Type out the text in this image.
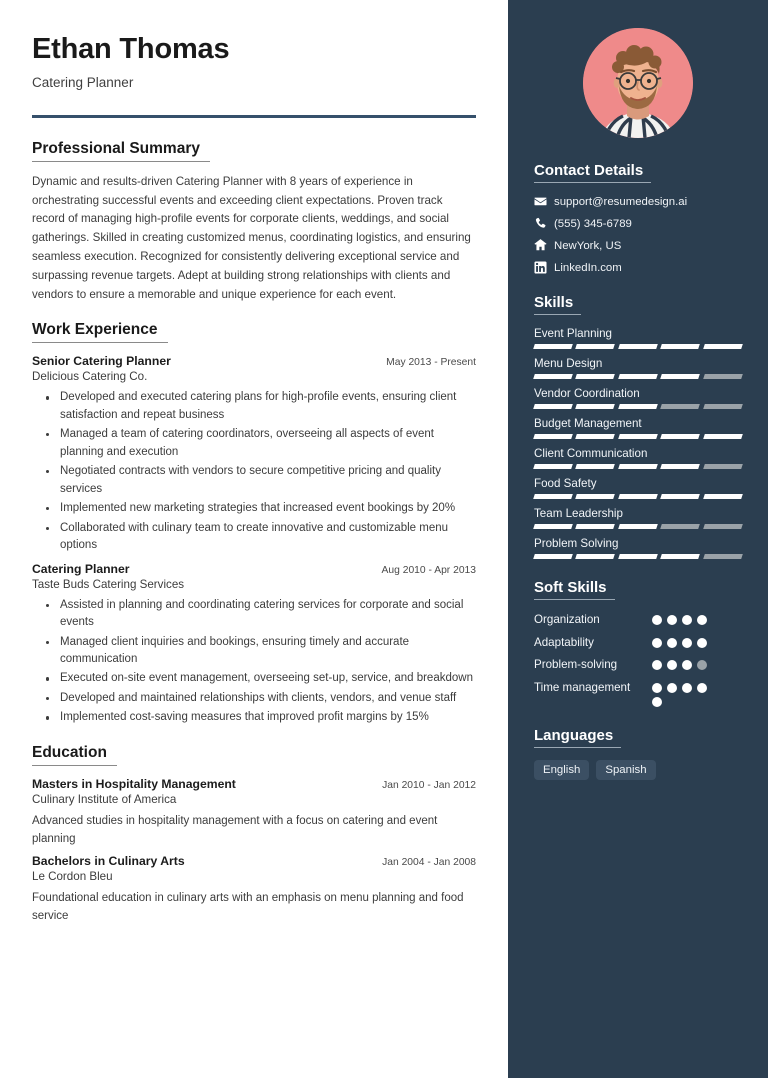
Ethan Thomas
Catering Planner
Professional Summary
Dynamic and results-driven Catering Planner with 8 years of experience in orchestrating successful events and exceeding client expectations. Proven track record of managing high-profile events for corporate clients, weddings, and social gatherings. Skilled in creating customized menus, coordinating logistics, and ensuring seamless execution. Recognized for consistently delivering exceptional service and surpassing revenue targets. Adept at building strong relationships with clients and vendors to ensure a memorable and unique experience for each event.
Work Experience
Senior Catering Planner	May 2013 - Present
Delicious Catering Co.
Developed and executed catering plans for high-profile events, ensuring client satisfaction and repeat business
Managed a team of catering coordinators, overseeing all aspects of event planning and execution
Negotiated contracts with vendors to secure competitive pricing and quality services
Implemented new marketing strategies that increased event bookings by 20%
Collaborated with culinary team to create innovative and customizable menu options
Catering Planner	Aug 2010 - Apr 2013
Taste Buds Catering Services
Assisted in planning and coordinating catering services for corporate and social events
Managed client inquiries and bookings, ensuring timely and accurate communication
Executed on-site event management, overseeing set-up, service, and breakdown
Developed and maintained relationships with clients, vendors, and venue staff
Implemented cost-saving measures that improved profit margins by 15%
Education
Masters in Hospitality Management	Jan 2010 - Jan 2012
Culinary Institute of America
Advanced studies in hospitality management with a focus on catering and event planning
Bachelors in Culinary Arts	Jan 2004 - Jan 2008
Le Cordon Bleu
Foundational education in culinary arts with an emphasis on menu planning and food service
Contact Details
support@resumedesign.ai
(555) 345-6789
NewYork, US
LinkedIn.com
Skills
Event Planning
Menu Design
Vendor Coordination
Budget Management
Client Communication
Food Safety
Team Leadership
Problem Solving
Soft Skills
Organization
Adaptability
Problem-solving
Time management
Languages
English	Spanish
